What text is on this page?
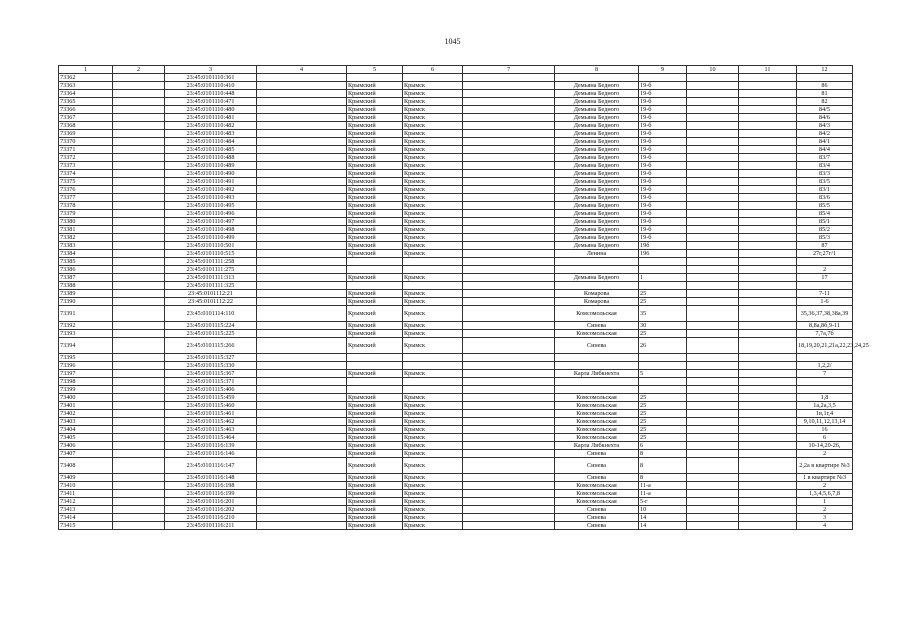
1045
1	2	3	4	5	6	7	8	9	10	11	12
73362		23:45:0101110:361									
73363		23:45:0101110:410		Крымский	Крымск		Демьяна Бедного	19-б			86
73364		23:45:0101110:448		Крымский	Крымск		Демьяна Бедного	19-б			81
73365		23:45:0101110:471		Крымский	Крымск		Демьяна Бедного	19-б			82
73366		23:45:0101110:480		Крымский	Крымск		Демьяна Бедного	19-б			84/5
73367		23:45:0101110:481		Крымский	Крымск		Демьяна Бедного	19-б			84/6
73368		23:45:0101110:482		Крымский	Крымск		Демьяна Бедного	19-б			84/3
73369		23:45:0101110:483		Крымский	Крымск		Демьяна Бедного	19-б			84/2
73370		23:45:0101110:484		Крымский	Крымск		Демьяна Бедного	19-б			84/1
73371		23:45:0101110:485		Крымский	Крымск		Демьяна Бедного	19-б			84/4
73372		23:45:0101110:488		Крымский	Крымск		Демьяна Бедного	19-б			83/7
73373		23:45:0101110:489		Крымский	Крымск		Демьяна Бедного	19-б			83/4
73374		23:45:0101110:490		Крымский	Крымск		Демьяна Бедного	19-б			83/3
73375		23:45:0101110:491		Крымский	Крымск		Демьяна Бедного	19-б			83/5
73376		23:45:0101110:492		Крымский	Крымск		Демьяна Бедного	19-б			83/1
73377		23:45:0101110:493		Крымский	Крымск		Демьяна Бедного	19-б			83/6
73378		23:45:0101110:495		Крымский	Крымск		Демьяна Бедного	19-б			85/5
73379		23:45:0101110:496		Крымский	Крымск		Демьяна Бедного	19-б			85/4
73380		23:45:0101110:497		Крымский	Крымск		Демьяна Бедного	19-б			85/1
73381		23:45:0101110:498		Крымский	Крымск		Демьяна Бедного	19-б			85/2
73382		23:45:0101110:499		Крымский	Крымск		Демьяна Бедного	19-б			85/3
73383		23:45:0101110:501		Крымский	Крымск		Демьяна Бедного	19б			87
73384		23:45:0101110:515		Крымский	Крымск		Ленина	196			27г,27г/1
73385		23:45:0101111:258									
73386		23:45:0101111:275									2
73387		23:45:0101111:313		Крымский	Крымск		Демьяна Бедного	1			17
73388		23:45:0101111:325									
73389		23:45:0101112:21		Крымский	Крымск		Комарова	25			7-11
73390		23:45:0101112:22		Крымский	Крымск		Комарова	25			1-6
73391		23:45:0101114:110		Крымский	Крымск		Комсомольская	35			35,36,37,38,38а,39
73392		23:45:0101115:224		Крымский	Крымск		Синева	30			8,8а,8б,9-11
73393		23:45:0101115:225		Крымский	Крымск		Комсомольская	25			7,7а,7б
73394		23:45:0101115:266		Крымский	Крымск		Синева	26			18,19,20,21,21а,22,23,24,25
73395		23:45:0101115:327									
73396		23:45:0101115:330									1,2,2/
73397		23:45:0101115:367		Крымский	Крымск		Карла Либкнехта	5			7
73398		23:45:0101115:371									
73399		23:45:0101115:406									
73400		23:45:0101115:459		Крымский	Крымск		Комсомольская	25			1,8
73401		23:45:0101115:460		Крымский	Крымск		Комсомольская	25			1а,2а,3,5
73402		23:45:0101115:461		Крымский	Крымск		Комсомольская	25			1в,1г,4
73403		23:45:0101115:462		Крымский	Крымск		Комсомольская	25			9,10,11,12,13,14
73404		23:45:0101115:463		Крымский	Крымск		Комсомольская	25			16
73405		23:45:0101115:464		Крымский	Крымск		Комсомольская	25			6
73406		23:45:0101116:139		Крымский	Крымск		Карла Либкнехта	6			10-14,20-26,
73407		23:45:0101116:146		Крымский	Крымск		Синева	8			2
73408		23:45:0101116:147		Крымский	Крымск		Синева	8			2,2а в квартире №3
73409		23:45:0101116:148		Крымский	Крымск		Синева	8			1 в квартире №3
73410		23:45:0101116:198		Крымский	Крымск		Комсомольская	11-а			2
73411		23:45:0101116:199		Крымский	Крымск		Комсомольская	11-а			1,3,4,5,6,7,8
73412		23:45:0101116:201		Крымский	Крымск		Комсомольская	5-г			1
73413		23:45:0101116:202		Крымский	Крымск		Синева	10			2
73414		23:45:0101116:210		Крымский	Крымск		Синева	14			3
73415		23:45:0101116:211		Крымский	Крымск		Синева	14			4
